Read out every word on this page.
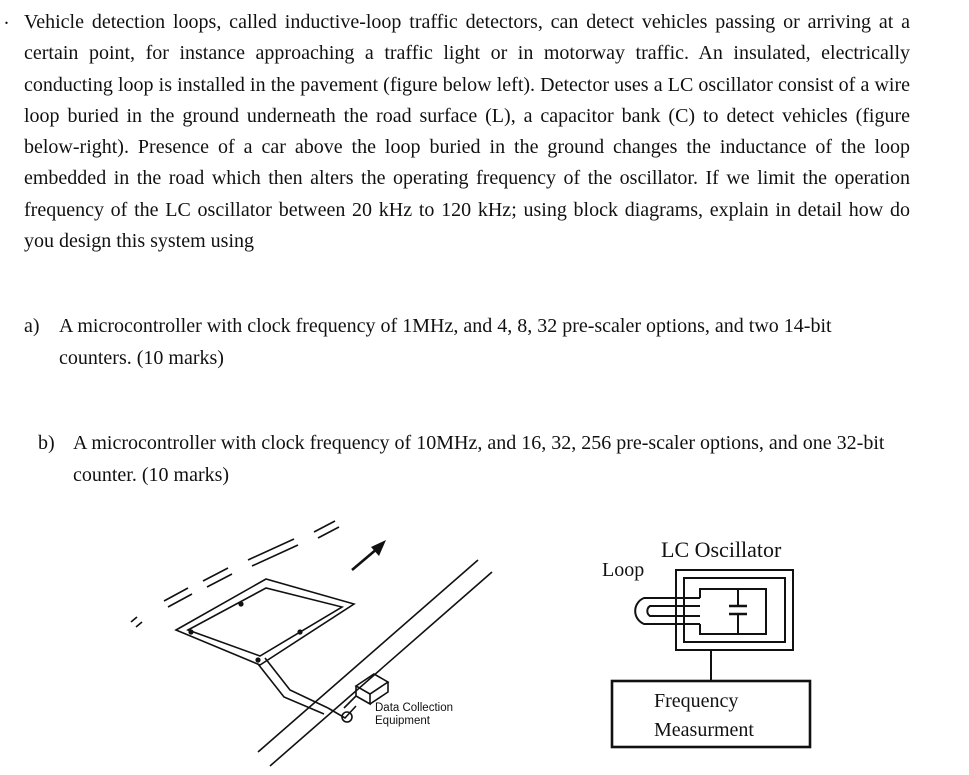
. Vehicle detection loops, called inductive-loop traffic detectors, can detect vehicles passing or arriving at a certain point, for instance approaching a traffic light or in motorway traffic. An insulated, electrically conducting loop is installed in the pavement (figure below left). Detector uses a LC oscillator consist of a wire loop buried in the ground underneath the road surface (L), a capacitor bank (C) to detect vehicles (figure below-right). Presence of a car above the loop buried in the ground changes the inductance of the loop embedded in the road which then alters the operating frequency of the oscillator. If we limit the operation frequency of the LC oscillator between 20 kHz to 120 kHz; using block diagrams, explain in detail how do you design this system using

a) A microcontroller with clock frequency of 1MHz, and 4, 8, 32 pre-scaler options, and two 14-bit counters. (10 marks)
b) A microcontroller with clock frequency of 10MHz, and 16, 32, 256 pre-scaler options, and one 32-bit counter. (10 marks)
Data Collection
Equipment
LC Oscillator
Loop
Frequency
Measurment
